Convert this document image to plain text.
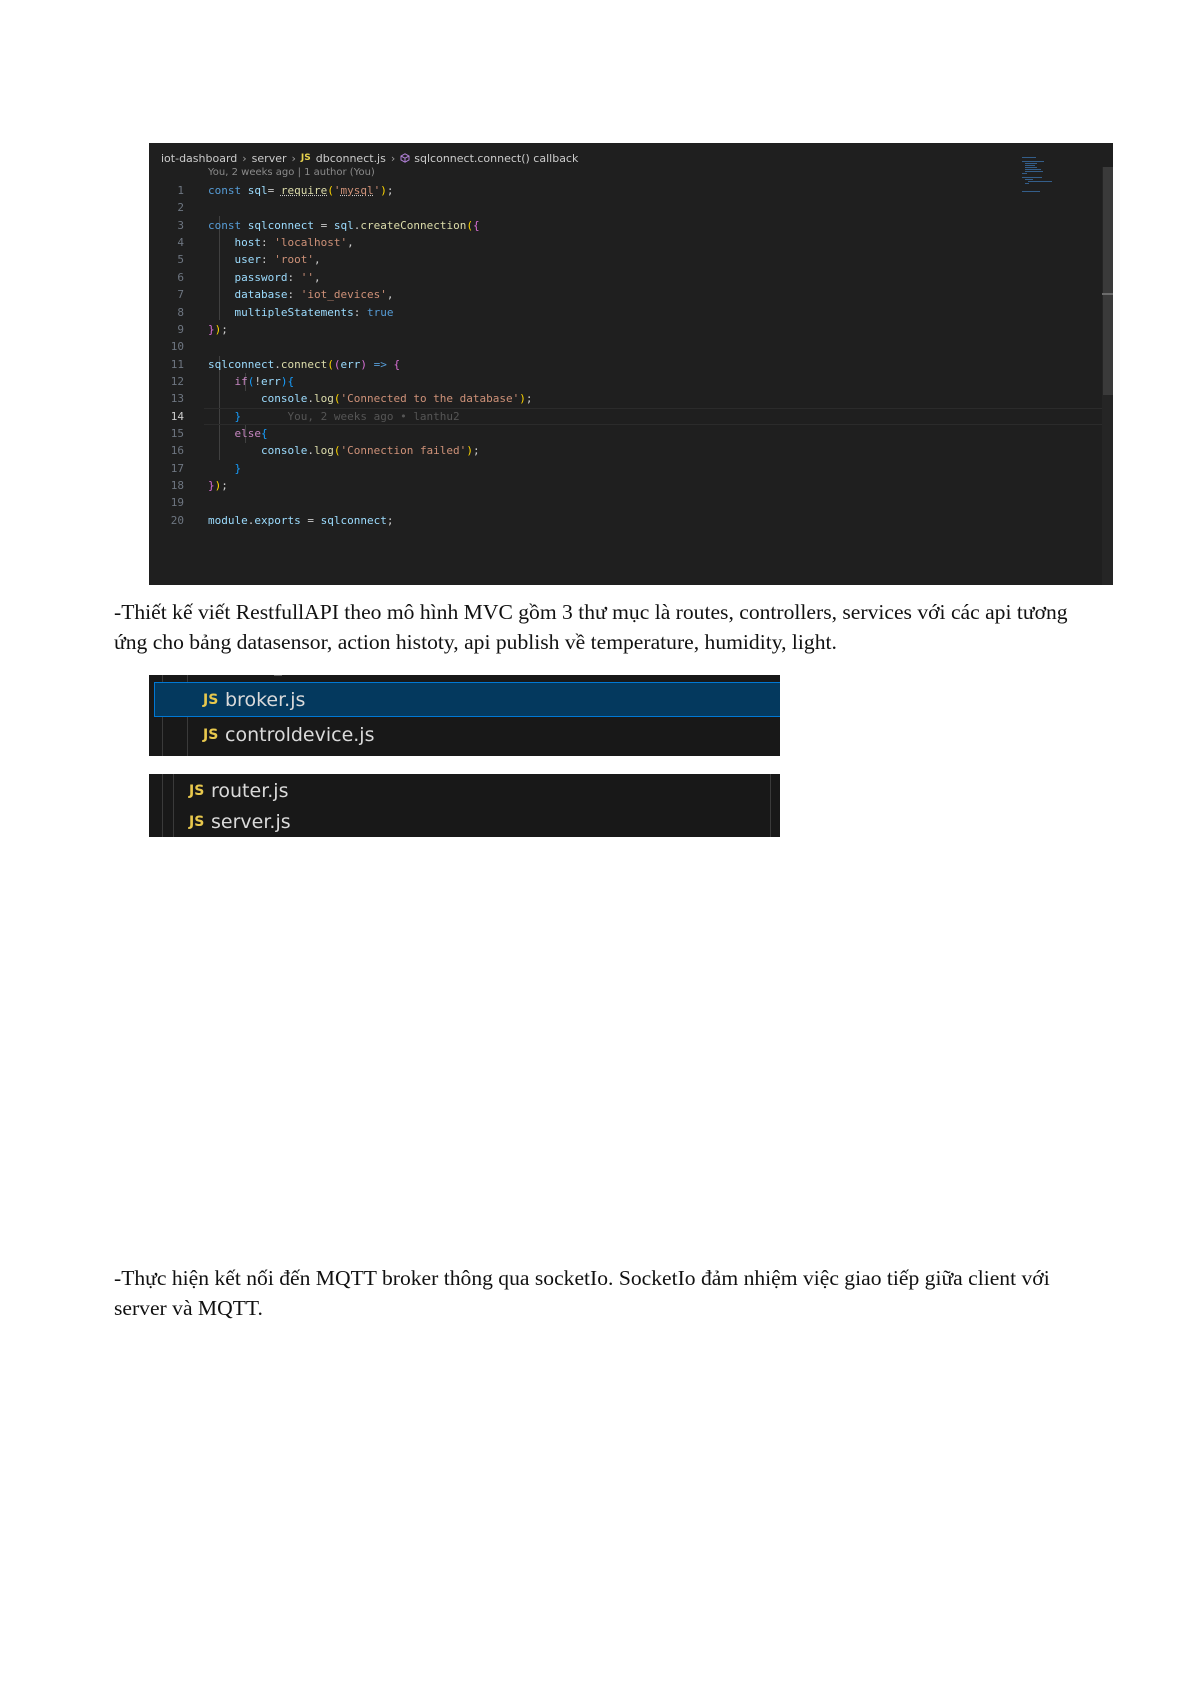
iot-dashboard › server › JS dbconnect.js › sqlconnect.connect() callback
You, 2 weeks ago | 1 author (You)
1 const sql= require('mysql');
2
3 const sqlconnect = sql.createConnection({
4	host: 'localhost',
5	user: 'root',
6	password: '',
7	database: 'iot_devices',
8	multipleStatements: true
9 });
10
11 sqlconnect.connect((err) => {
12	if(!err){
13	console.log('Connected to the database');
14	}	You, 2 weeks ago • lanthu2
15	else{
16	console.log('Connection failed');
17	}
18 });
19
20 module.exports = sqlconnect;

-Thiết kế viết RestfullAPI theo mô hình MVC gồm 3 thư mục là routes, controllers, services với các api tương ứng cho bảng datasensor, action histoty, api publish về temperature, humidity, light.

JS broker.js
JS controldevice.js
JS router.js
JS server.js

-Thực hiện kết nối đến MQTT broker thông qua socketIo. SocketIo đảm nhiệm việc giao tiếp giữa client với server và MQTT.
